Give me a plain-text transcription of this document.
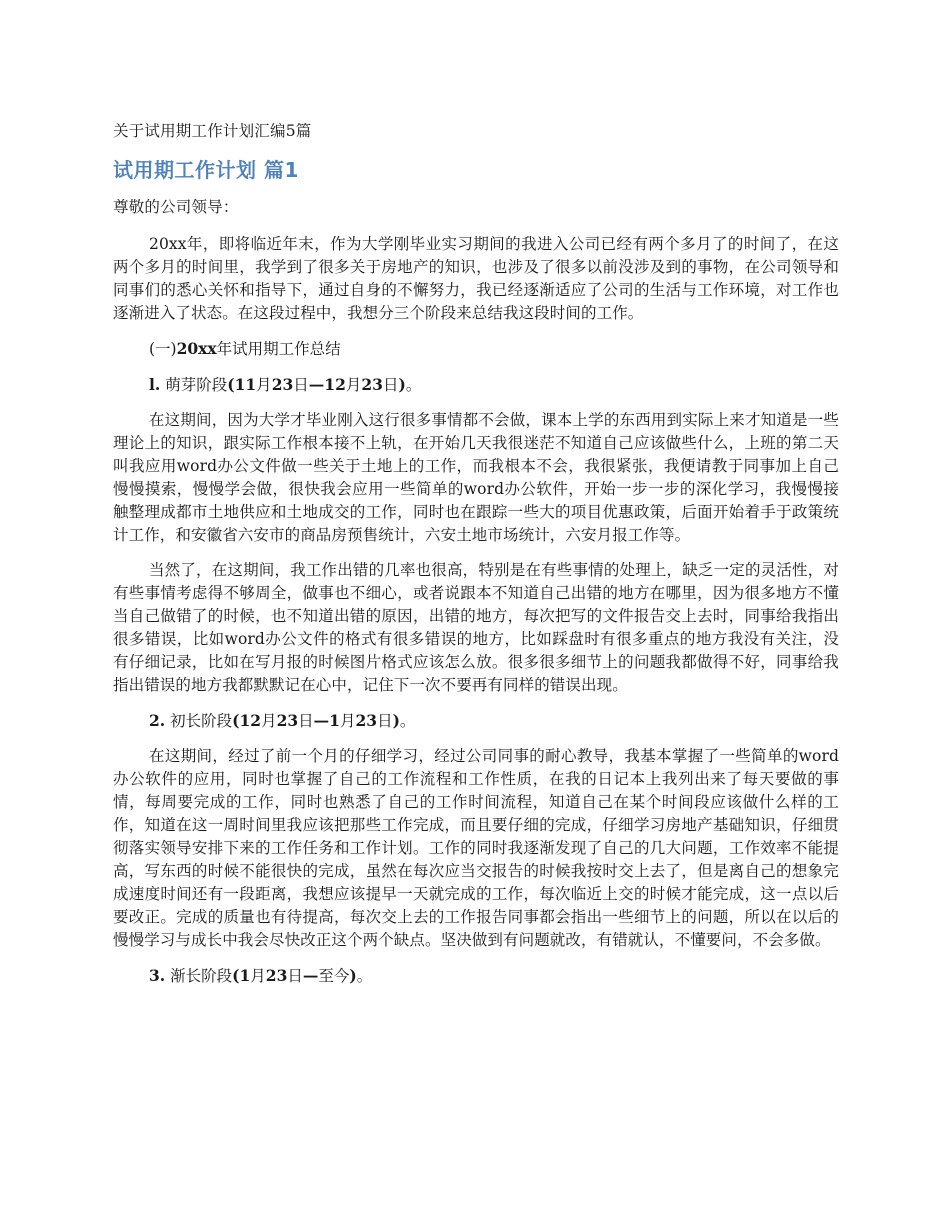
关于试用期工作计划汇编5篇
试用期工作计划 篇1
尊敬的公司领导：

20xx年，即将临近年末，作为大学刚毕业实习期间的我进入公司已经有两个多月了的时间了，在这两个多月的时间里，我学到了很多关于房地产的知识，也涉及了很多以前没涉及到的事物，在公司领导和同事们的悉心关怀和指导下，通过自身的不懈努力，我已经逐渐适应了公司的生活与工作环境，对工作也逐渐进入了状态。在这段过程中，我想分三个阶段来总结我这段时间的工作。

(一)20xx年试用期工作总结

l. 萌芽阶段(11月23日—12月23日)。

在这期间，因为大学才毕业刚入这行很多事情都不会做，课本上学的东西用到实际上来才知道是一些理论上的知识，跟实际工作根本接不上轨，在开始几天我很迷茫不知道自己应该做些什么，上班的第二天叫我应用word办公文件做一些关于土地上的工作，而我根本不会，我很紧张，我便请教于同事加上自己慢慢摸索，慢慢学会做，很快我会应用一些简单的word办公软件，开始一步一步的深化学习，我慢慢接触整理成都市土地供应和土地成交的工作，同时也在跟踪一些大的项目优惠政策，后面开始着手于政策统计工作，和安徽省六安市的商品房预售统计，六安土地市场统计，六安月报工作等。

当然了，在这期间，我工作出错的几率也很高，特别是在有些事情的处理上，缺乏一定的灵活性，对有些事情考虑得不够周全，做事也不细心，或者说跟本不知道自己出错的地方在哪里，因为很多地方不懂当自己做错了的时候，也不知道出错的原因，出错的地方，每次把写的文件报告交上去时，同事给我指出很多错误，比如word办公文件的格式有很多错误的地方，比如踩盘时有很多重点的地方我没有关注，没有仔细记录，比如在写月报的时候图片格式应该怎么放。很多很多细节上的问题我都做得不好，同事给我指出错误的地方我都默默记在心中，记住下一次不要再有同样的错误出现。

2. 初长阶段(12月23日—1月23日)。

在这期间，经过了前一个月的仔细学习，经过公司同事的耐心教导，我基本掌握了一些简单的word办公软件的应用，同时也掌握了自己的工作流程和工作性质，在我的日记本上我列出来了每天要做的事情，每周要完成的工作，同时也熟悉了自己的工作时间流程，知道自己在某个时间段应该做什么样的工作，知道在这一周时间里我应该把那些工作完成，而且要仔细的完成，仔细学习房地产基础知识，仔细贯彻落实领导安排下来的工作任务和工作计划。工作的同时我逐渐发现了自己的几大问题，工作效率不能提高，写东西的时候不能很快的完成，虽然在每次应当交报告的时候我按时交上去了，但是离自己的想象完成速度时间还有一段距离，我想应该提早一天就完成的工作，每次临近上交的时候才能完成，这一点以后要改正。完成的质量也有待提高，每次交上去的工作报告同事都会指出一些细节上的问题，所以在以后的慢慢学习与成长中我会尽快改正这个两个缺点。坚决做到有问题就改，有错就认，不懂要问，不会多做。

3. 渐长阶段(1月23日—至今)。
